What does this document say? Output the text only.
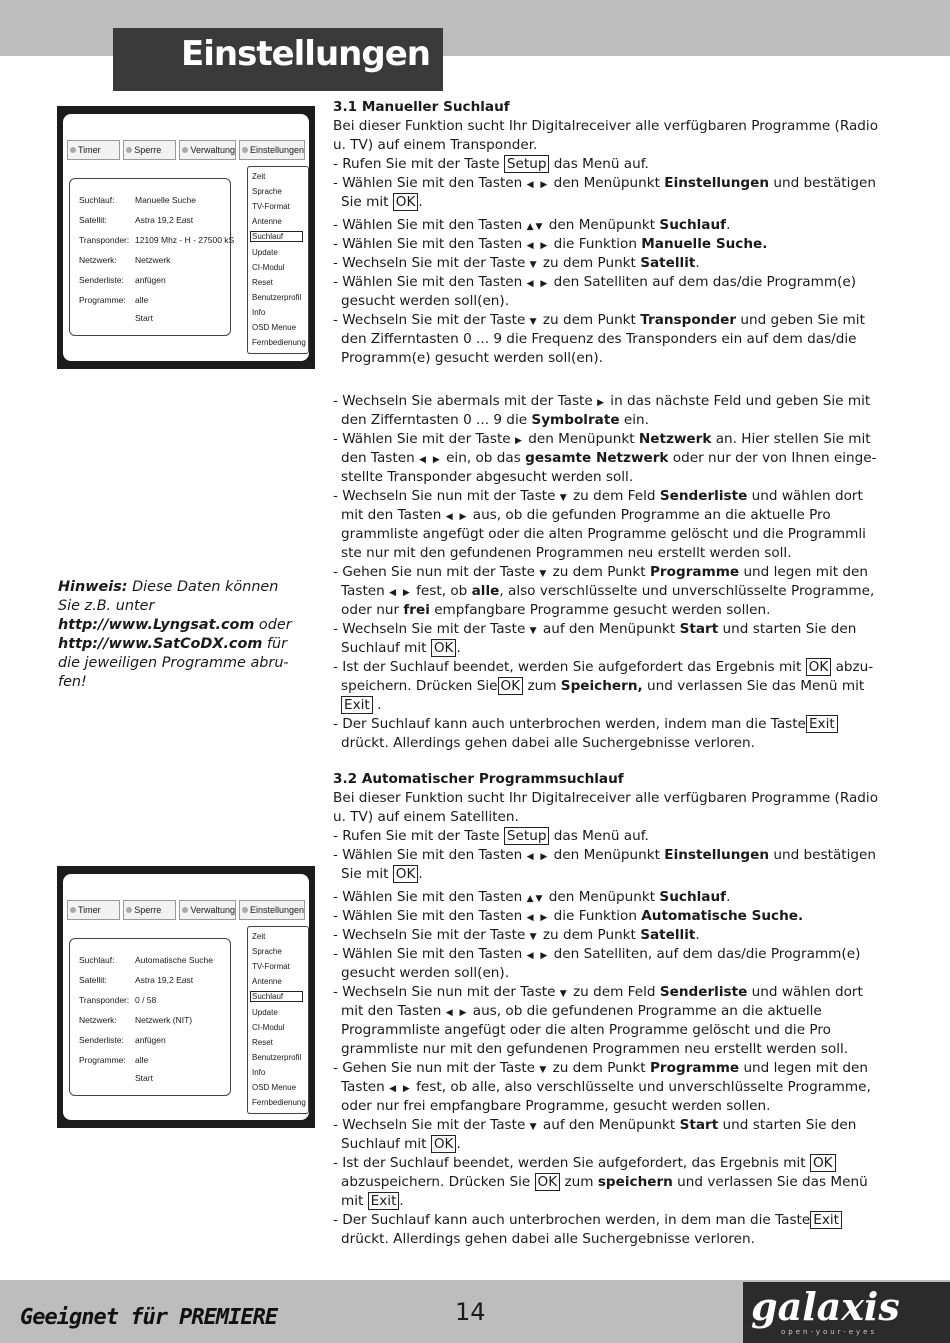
Einstellungen
Timer	Sperre	Verwaltung Einstellungen
Suchlauf:	Manuelle Suche
Satellit:	Astra 19,2 East
Transponder: 12109 Mhz - H - 27500 kS
Netzwerk:	Netzwerk
Senderliste:	anfügen
Programme:	alle
Start
Zeit
Sprache
TV-Format
Antenne
Suchlauf
Update
CI-Modul
Reset
Benutzerprofil
Info
OSD Menue
Fernbedienung
Timer	Sperre	Verwaltung Einstellungen
Suchlauf:	Automatische Suche
Satellit:	Astra 19,2 East
Transponder: 0 / 58
Netzwerk:	Netzwerk (NIT)
Senderliste:	anfügen
Programme:	alle
Start
Zeit
Sprache
TV-Format
Antenne
Suchlauf
Update
CI-Modul
Reset
Benutzerprofil
Info
OSD Menue
Fernbedienung
Hinweis: Diese Daten können
Sie z.B. unter
http://www.Lyngsat.com oder
http://www.SatCoDX.com für
die jeweiligen Programme abru-
fen!
3.1 Manueller Suchlauf
Bei dieser Funktion sucht Ihr Digitalreceiver alle verfügbaren Programme (Radio
u. TV) auf einem Transponder.
- Rufen Sie mit der Taste Setup das Menü auf.
- Wählen Sie mit den Tasten ◀ ▶ den Menüpunkt Einstellungen und bestätigen
Sie mit OK .
- Wählen Sie mit den Tasten ▲▼ den Menüpunkt Suchlauf.
- Wählen Sie mit den Tasten ◀ ▶ die Funktion Manuelle Suche.
- Wechseln Sie mit der Taste ▼ zu dem Punkt Satellit.
- Wählen Sie mit den Tasten ◀ ▶ den Satelliten auf dem das/die Programm(e)
gesucht werden soll(en).
- Wechseln Sie mit der Taste ▼ zu dem Punkt Transponder und geben Sie mit
den Zifferntasten 0 ... 9 die Frequenz des Transponders ein auf dem das/die
Programm(e) gesucht werden soll(en).
- Wechseln Sie abermals mit der Taste ▶ in das nächste Feld und geben Sie mit
den Zifferntasten 0 ... 9 die Symbolrate ein.
- Wählen Sie mit der Taste ▶ den Menüpunkt Netzwerk an. Hier stellen Sie mit
den Tasten ◀ ▶ ein, ob das gesamte Netzwerk oder nur der von Ihnen einge-
stellte Transponder abgesucht werden soll.
- Wechseln Sie nun mit der Taste ▼ zu dem Feld Senderliste und wählen dort
mit den Tasten ◀ ▶ aus, ob die gefunden Programme an die aktuelle Pro
grammliste angefügt oder die alten Programme gelöscht und die Programmli
ste nur mit den gefundenen Programmen neu erstellt werden soll.
- Gehen Sie nun mit der Taste ▼ zu dem Punkt Programme und legen mit den
Tasten ◀ ▶ fest, ob alle, also verschlüsselte und unverschlüsselte Programme,
oder nur frei empfangbare Programme gesucht werden sollen.
- Wechseln Sie mit der Taste ▼ auf den Menüpunkt Start und starten Sie den
Suchlauf mit OK .
- Ist der Suchlauf beendet, werden Sie aufgefordert das Ergebnis mit OK abzu-
speichern. Drücken Sie OK zum Speichern, und verlassen Sie das Menü mit
Exit .
- Der Suchlauf kann auch unterbrochen werden, indem man die Taste Exit
drückt. Allerdings gehen dabei alle Suchergebnisse verloren.
3.2 Automatischer Programmsuchlauf
Bei dieser Funktion sucht Ihr Digitalreceiver alle verfügbaren Programme (Radio
u. TV) auf einem Satelliten.
- Rufen Sie mit der Taste Setup das Menü auf.
- Wählen Sie mit den Tasten ◀ ▶ den Menüpunkt Einstellungen und bestätigen
Sie mit OK .
- Wählen Sie mit den Tasten ▲▼ den Menüpunkt Suchlauf.
- Wählen Sie mit den Tasten ◀ ▶ die Funktion Automatische Suche.
- Wechseln Sie mit der Taste ▼ zu dem Punkt Satellit.
- Wählen Sie mit den Tasten ◀ ▶ den Satelliten, auf dem das/die Programm(e)
gesucht werden soll(en).
- Wechseln Sie nun mit der Taste ▼ zu dem Feld Senderliste und wählen dort
mit den Tasten ◀ ▶ aus, ob die gefundenen Programme an die aktuelle
Programmliste angefügt oder die alten Programme gelöscht und die Pro
grammliste nur mit den gefundenen Programmen neu erstellt werden soll.
- Gehen Sie nun mit der Taste ▼ zu dem Punkt Programme und legen mit den
Tasten ◀ ▶ fest, ob alle, also verschlüsselte und unverschlüsselte Programme,
oder nur frei empfangbare Programme, gesucht werden sollen.
- Wechseln Sie mit der Taste ▼ auf den Menüpunkt Start und starten Sie den
Suchlauf mit OK .
- Ist der Suchlauf beendet, werden Sie aufgefordert, das Ergebnis mit OK
abzuspeichern. Drücken Sie OK zum speichern und verlassen Sie das Menü
mit Exit .
- Der Suchlauf kann auch unterbrochen werden, in dem man die Taste Exit
drückt. Allerdings gehen dabei alle Suchergebnisse verloren.
Geeignet für PREMIERE	14	galaxis
open-your-eyes
